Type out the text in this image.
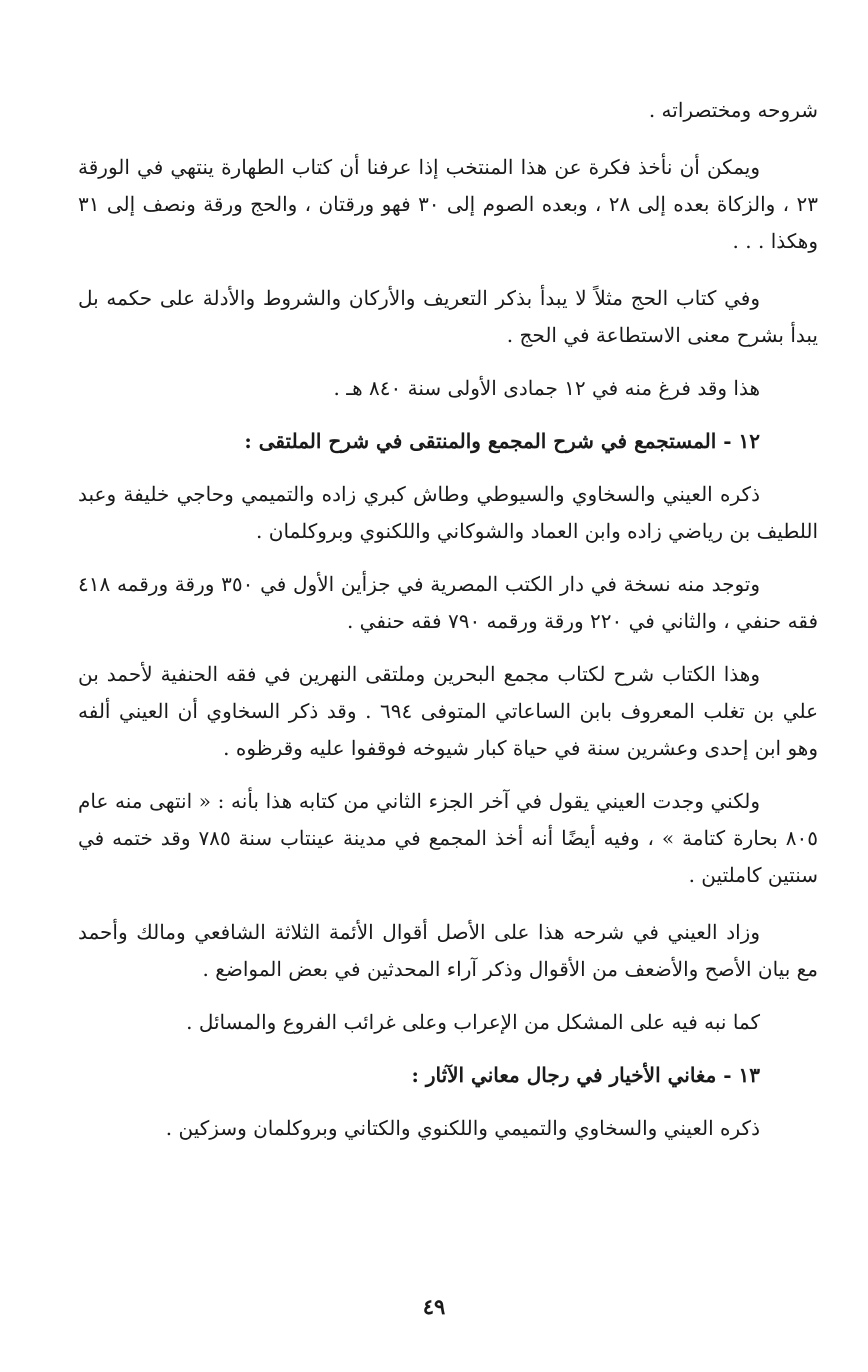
شروحه ومختصراته .

ويمكن أن نأخذ فكرة عن هذا المنتخب إذا عرفنا أن كتاب الطهارة ينتهي في الورقة ٢٣ ، والزكاة بعده إلى ٢٨ ، وبعده الصوم إلى ٣٠ فهو ورقتان ، والحج ورقة ونصف إلى ٣١ وهكذا . . .

وفي كتاب الحج مثلاً لا يبدأ بذكر التعريف والأركان والشروط والأدلة على حكمه بل يبدأ بشرح معنى الاستطاعة في الحج .

هذا وقد فرغ منه في ١٢ جمادى الأولى سنة ٨٤٠ هـ .

١٢ - المستجمع في شرح المجمع والمنتقى في شرح الملتقى :

ذكره العيني والسخاوي والسيوطي وطاش كبري زاده والتميمي وحاجي خليفة وعبد اللطيف بن رياضي زاده وابن العماد والشوكاني واللكنوي وبروكلمان .

وتوجد منه نسخة في دار الكتب المصرية في جزأين الأول في ٣٥٠ ورقة ورقمه ٤١٨ فقه حنفي ، والثاني في ٢٢٠ ورقة ورقمه ٧٩٠ فقه حنفي .

وهذا الكتاب شرح لكتاب مجمع البحرين وملتقى النهرين في فقه الحنفية لأحمد بن علي بن تغلب المعروف بابن الساعاتي المتوفى ٦٩٤ . وقد ذكر السخاوي أن العيني ألفه وهو ابن إحدى وعشرين سنة في حياة كبار شيوخه فوقفوا عليه وقرظوه .

ولكني وجدت العيني يقول في آخر الجزء الثاني من كتابه هذا بأنه : « انتهى منه عام ٨٠٥ بحارة كتامة » ، وفيه أيضًا أنه أخذ المجمع في مدينة عينتاب سنة ٧٨٥ وقد ختمه في سنتين كاملتين .

وزاد العيني في شرحه هذا على الأصل أقوال الأئمة الثلاثة الشافعي ومالك وأحمد مع بيان الأصح والأضعف من الأقوال وذكر آراء المحدثين في بعض المواضع .

كما نبه فيه على المشكل من الإعراب وعلى غرائب الفروع والمسائل .

١٣ - مغاني الأخيار في رجال معاني الآثار :

ذكره العيني والسخاوي والتميمي واللكنوي والكتاني وبروكلمان وسزكين .

٤٩
